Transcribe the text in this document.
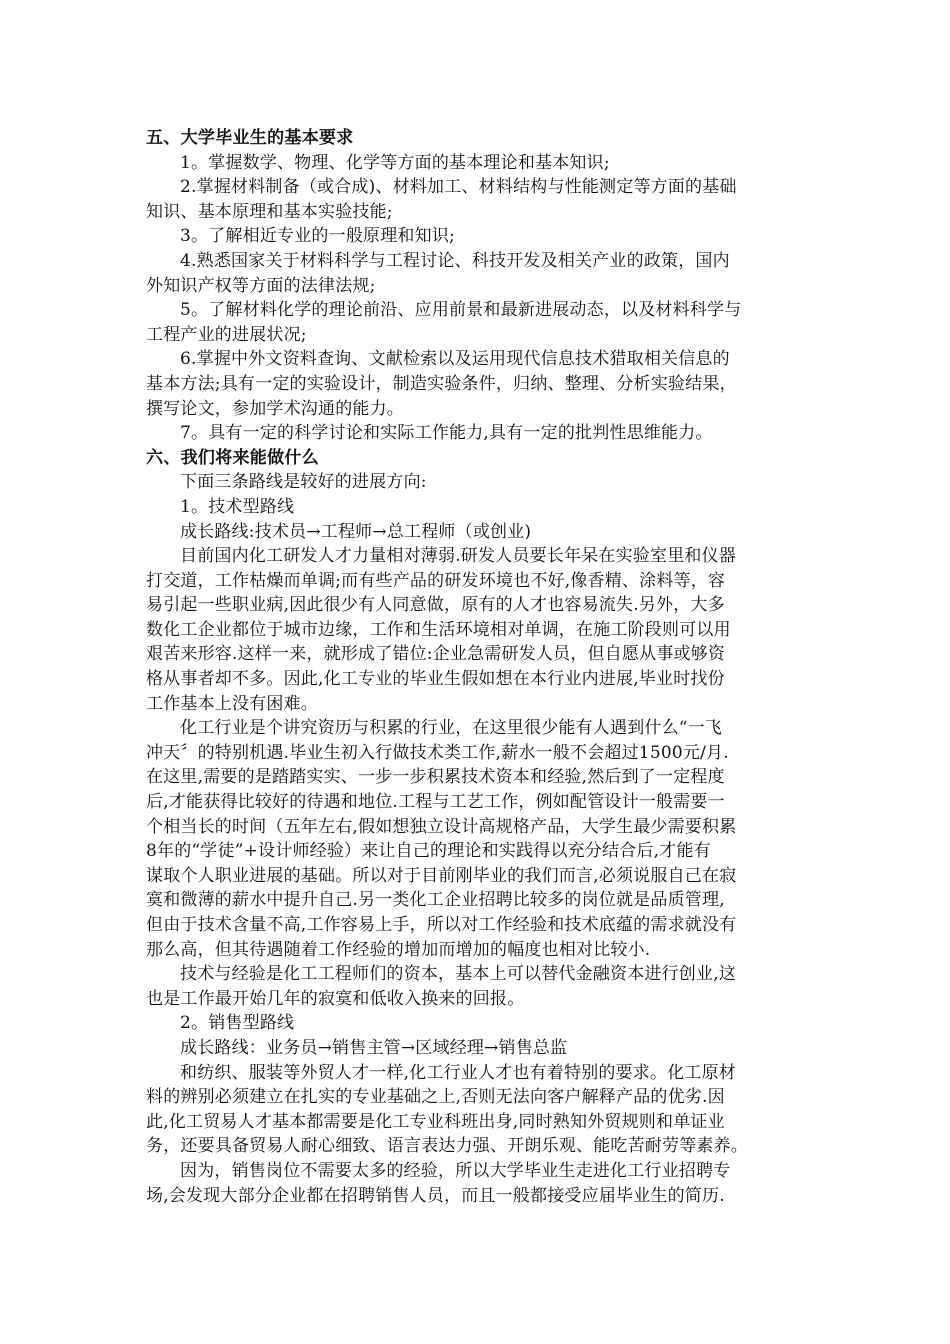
五、大学毕业生的基本要求
1。掌握数学、物理、化学等方面的基本理论和基本知识;
2.掌握材料制备（或合成)、材料加工、材料结构与性能测定等方面的基础
知识、基本原理和基本实验技能;
3。了解相近专业的一般原理和知识;
4.熟悉国家关于材料科学与工程讨论、科技开发及相关产业的政策，国内
外知识产权等方面的法律法规;
5。了解材料化学的理论前沿、应用前景和最新进展动态，以及材料科学与
工程产业的进展状况;
6.掌握中外文资料查询、文献检索以及运用现代信息技术猎取相关信息的
基本方法;具有一定的实验设计，制造实验条件，归纳、整理、分析实验结果，
撰写论文，参加学术沟通的能力。
7。具有一定的科学讨论和实际工作能力,具有一定的批判性思维能力。
六、我们将来能做什么
下面三条路线是较好的进展方向:
1。技术型路线
成长路线:技术员→工程师→总工程师（或创业)
目前国内化工研发人才力量相对薄弱.研发人员要长年呆在实验室里和仪器
打交道，工作枯燥而单调;而有些产品的研发环境也不好,像香精、涂料等，容
易引起一些职业病,因此很少有人同意做，原有的人才也容易流失.另外，大多
数化工企业都位于城市边缘，工作和生活环境相对单调，在施工阶段则可以用
艰苦来形容.这样一来，就形成了错位:企业急需研发人员，但自愿从事或够资
格从事者却不多。因此,化工专业的毕业生假如想在本行业内进展,毕业时找份
工作基本上没有困难。
化工行业是个讲究资历与积累的行业，在这里很少能有人遇到什么“一飞
冲天〞的特别机遇.毕业生初入行做技术类工作,薪水一般不会超过1500元/月.
在这里,需要的是踏踏实实、一步一步积累技术资本和经验,然后到了一定程度
后,才能获得比较好的待遇和地位.工程与工艺工作，例如配管设计一般需要一
个相当长的时间（五年左右,假如想独立设计高规格产品，大学生最少需要积累
8年的“学徒”+设计师经验）来让自己的理论和实践得以充分结合后,才能有
谋取个人职业进展的基础。所以对于目前刚毕业的我们而言,必须说服自己在寂
寞和微薄的薪水中提升自己.另一类化工企业招聘比较多的岗位就是品质管理,
但由于技术含量不高,工作容易上手，所以对工作经验和技术底蕴的需求就没有
那么高，但其待遇随着工作经验的增加而增加的幅度也相对比较小.
技术与经验是化工工程师们的资本，基本上可以替代金融资本进行创业,这
也是工作最开始几年的寂寞和低收入换来的回报。
2。销售型路线
成长路线：业务员→销售主管→区域经理→销售总监
和纺织、服装等外贸人才一样,化工行业人才也有着特别的要求。化工原材
料的辨别必须建立在扎实的专业基础之上,否则无法向客户解释产品的优劣.因
此,化工贸易人才基本都需要是化工专业科班出身,同时熟知外贸规则和单证业
务，还要具备贸易人耐心细致、语言表达力强、开朗乐观、能吃苦耐劳等素养。
因为，销售岗位不需要太多的经验，所以大学毕业生走进化工行业招聘专
场,会发现大部分企业都在招聘销售人员，而且一般都接受应届毕业生的简历.
